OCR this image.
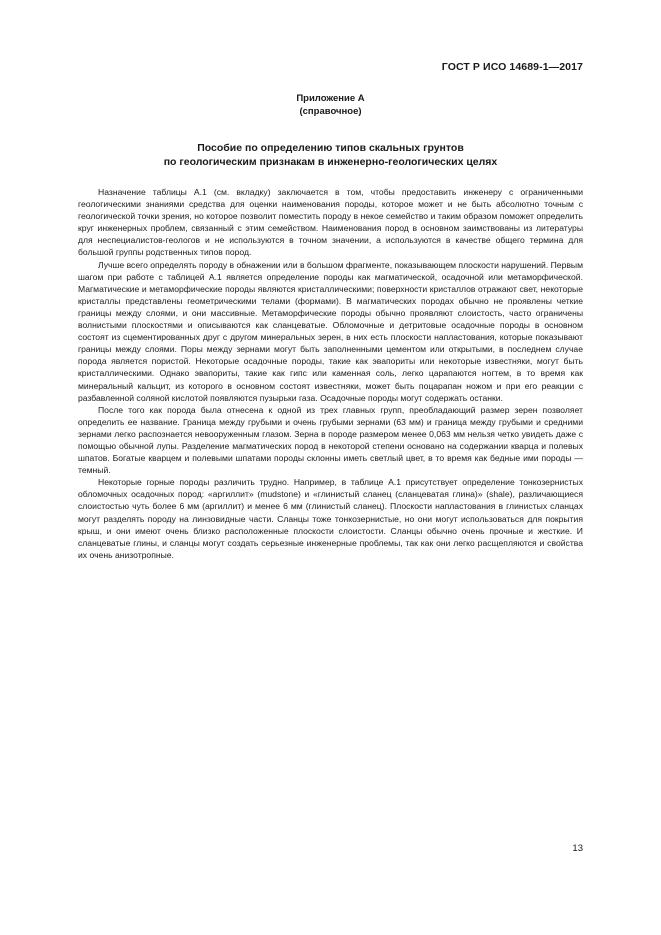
ГОСТ Р ИСО 14689-1—2017
Приложение А
(справочное)
Пособие по определению типов скальных грунтов
по геологическим признакам в инженерно-геологических целях

Назначение таблицы А.1 (см. вкладку) заключается в том, чтобы предоставить инженеру с ограниченными геологическими знаниями средства для оценки наименования породы, которое может и не быть абсолютно точным с геологической точки зрения, но которое позволит поместить породу в некое семейство и таким образом поможет определить круг инженерных проблем, связанный с этим семейством. Наименования пород в основном заимствованы из литературы для неспециалистов-геологов и не используются в точном значении, а используются в качестве общего термина для большой группы родственных типов пород.

Лучше всего определять породу в обнажении или в большом фрагменте, показывающем плоскости нарушений. Первым шагом при работе с таблицей А.1 является определение породы как магматической, осадочной или метаморфической. Магматические и метаморфические породы являются кристаллическими; поверхности кристаллов отражают свет, некоторые кристаллы представлены геометрическими телами (формами). В магматических породах обычно не проявлены четкие границы между слоями, и они массивные. Метаморфические породы обычно проявляют слоистость, часто ограничены волнистыми плоскостями и описываются как сланцеватые. Обломочные и детритовые осадочные породы в основном состоят из сцементированных друг с другом минеральных зерен, в них есть плоскости напластования, которые показывают границы между слоями. Поры между зернами могут быть заполненными цементом или открытыми, в последнем случае порода является пористой. Некоторые осадочные породы, такие как эвапориты или некоторые известняки, могут быть кристаллическими. Однако эвапориты, такие как гипс или каменная соль, легко царапаются ногтем, в то время как минеральный кальцит, из которого в основном состоят известняки, может быть поцарапан ножом и при его реакции с разбавленной соляной кислотой появляются пузырьки газа. Осадочные породы могут содержать останки.

После того как порода была отнесена к одной из трех главных групп, преобладающий размер зерен позволяет определить ее название. Граница между грубыми и очень грубыми зернами (63 мм) и граница между грубыми и средними зернами легко распознается невооруженным глазом. Зерна в породе размером менее 0,063 мм нельзя четко увидеть даже с помощью обычной лупы. Разделение магматических пород в некоторой степени основано на содержании кварца и полевых шпатов. Богатые кварцем и полевыми шпатами породы склонны иметь светлый цвет, в то время как бедные ими породы — темный.

Некоторые горные породы различить трудно. Например, в таблице А.1 присутствует определение тонкозернистых обломочных осадочных пород: «аргиллит» (mudstone) и «глинистый сланец (сланцеватая глина)» (shale), различающиеся слоистостью чуть более 6 мм (аргиллит) и менее 6 мм (глинистый сланец). Плоскости напластования в глинистых сланцах могут разделять породу на линзовидные части. Сланцы тоже тонкозернистые, но они могут использоваться для покрытия крыш, и они имеют очень близко расположенные плоскости слоистости. Сланцы обычно очень прочные и жесткие. И сланцеватые глины, и сланцы могут создать серьезные инженерные проблемы, так как они легко расщепляются и свойства их очень анизотропные.

13
